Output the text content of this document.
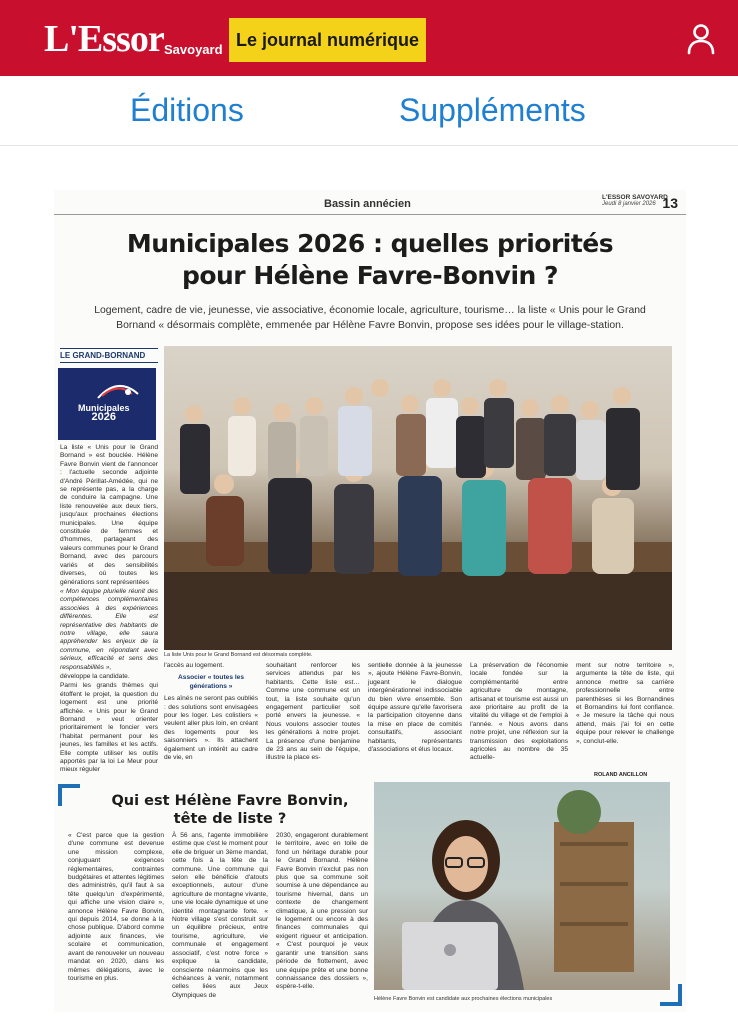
L'Essor Savoyard Le journal numérique
Éditions	Suppléments
Bassin annécien
L'ESSOR SAVOYARD
Jeudi 8 janvier 2026 13
Municipales 2026 : quelles priorités
pour Hélène Favre-Bonvin ?

Logement, cadre de vie, jeunesse, vie associative, économie locale, agriculture, tourisme… la liste « Unis pour le Grand Bornand « désormais complète, emmenée par Hélène Favre Bonvin, propose ses idées pour le village-station.

LE GRAND-BORNAND
Municipales
2026
La liste Unis pour le Grand Bornand est désormais complète.

La liste « Unis pour le Grand Bornand » est bouclée. Hélène Favre Bonvin vient de l'annoncer : l'actuelle seconde adjointe d'André Périllat-Amédée, qui ne se représente pas, a la charge de conduire la campagne. Une liste renouvelée aux deux tiers, jusqu'aux prochaines élections municipales. Une équipe constituée de femmes et d'hommes, partageant des valeurs communes pour le Grand Bornand, avec des parcours variés et des sensibilités diverses, où toutes les générations sont représentées

« Mon équipe plurielle réunit des compétences complémentaires associées à des expériences différentes. Elle est représentative des habitants de notre village, elle saura appréhender les enjeux de la commune, en répondant avec sérieux, efficacité et sens des responsabilités »,

développe la candidate.

Parmi les grands thèmes qui étoffent le projet, la question du logement est une priorité affichée. « Unis pour le Grand Bornand » veut orienter prioritairement le foncier vers l'habitat permanent pour les jeunes, les familles et les actifs. Elle compte utiliser les outils apportés par la loi Le Meur pour mieux réguler

l'accès au logement.

Associer « toutes les
générations »

Les aînés ne seront pas oubliés : des solutions sont envisagées pour les loger. Les colistiers « veulent aller plus loin, en créant des logements pour les saisonniers ». Ils attachent également un intérêt au cadre de vie, en

souhaitant renforcer les services attendus par les habitants. Cette liste est… Comme une commune est un tout, la liste souhaite qu'un engagement particulier soit porté envers la jeunesse. « Nous voulons associer toutes les générations à notre projet. La présence d'une benjamine de 23 ans au sein de l'équipe, illustre la place es-

sentielle donnée à la jeunesse », ajoute Hélène Favre-Bonvin, jugeant le dialogue intergénérationnel indissociable du bien vivre ensemble. Son équipe assure qu'elle favorisera la participation citoyenne dans la mise en place de comités consultatifs, associant habitants, représentants d'associations et élus locaux.

La préservation de l'économie locale fondée sur la complémentarité entre agriculture de montagne, artisanat et tourisme est aussi un axe prioritaire au profit de la vitalité du village et de l'emploi à l'année. « Nous avons dans notre projet, une réflexion sur la transmission des exploitations agricoles au nombre de 35 actuelle-

ment sur notre territoire », argumente la tête de liste, qui annonce mettre sa carrière professionnelle entre parenthèses si les Bornandines et Bornandins lui font confiance. « Je mesure la tâche qui nous attend, mais j'ai foi en cette équipe pour relever le challenge », conclut-elle.

ROLAND ANCILLON
Qui est Hélène Favre Bonvin,
tête de liste ?

« C'est parce que la gestion d'une commune est devenue une mission complexe, conjuguant exigences réglementaires, contraintes budgétaires et attentes légitimes des administrés, qu'il faut à sa tête quelqu'un d'expérimenté, qui affiche une vision claire », annonce Hélène Favre Bonvin, qui depuis 2014, se donne à la chose publique. D'abord comme adjointe aux finances, vie scolaire et communication, avant de renouveler un nouveau mandat en 2020, dans les mêmes délégations, avec le tourisme en plus.

À 56 ans, l'agente immobilière estime que c'est le moment pour elle de briguer un 3ème mandat, cette fois à la tête de la commune. Une commune qui selon elle bénéficie d'atouts exceptionnels, autour d'une agriculture de montagne vivante, une vie locale dynamique et une identité montagnarde forte. « Notre village s'est construit sur un équilibre précieux, entre tourisme, agriculture, vie communale et engagement associatif, c'est notre force » explique la candidate, consciente néanmoins que les échéances à venir, notamment celles liées aux Jeux Olympiques de

2030, engageront durablement le territoire, avec en toile de fond un héritage durable pour le Grand Bornand. Hélène Favre Bonvin n'exclut pas non plus que sa commune soit soumise à une dépendance au tourisme hivernal, dans un contexte de changement climatique, à une pression sur le logement ou encore à des finances communales qui exigent rigueur et anticipation. « C'est pourquoi je veux garantir une transition sans période de flottement, avec une équipe prête et une bonne connaissance des dossiers », espère-t-elle.

Hélène Favre Bonvin est candidate aux prochaines élections municipales
